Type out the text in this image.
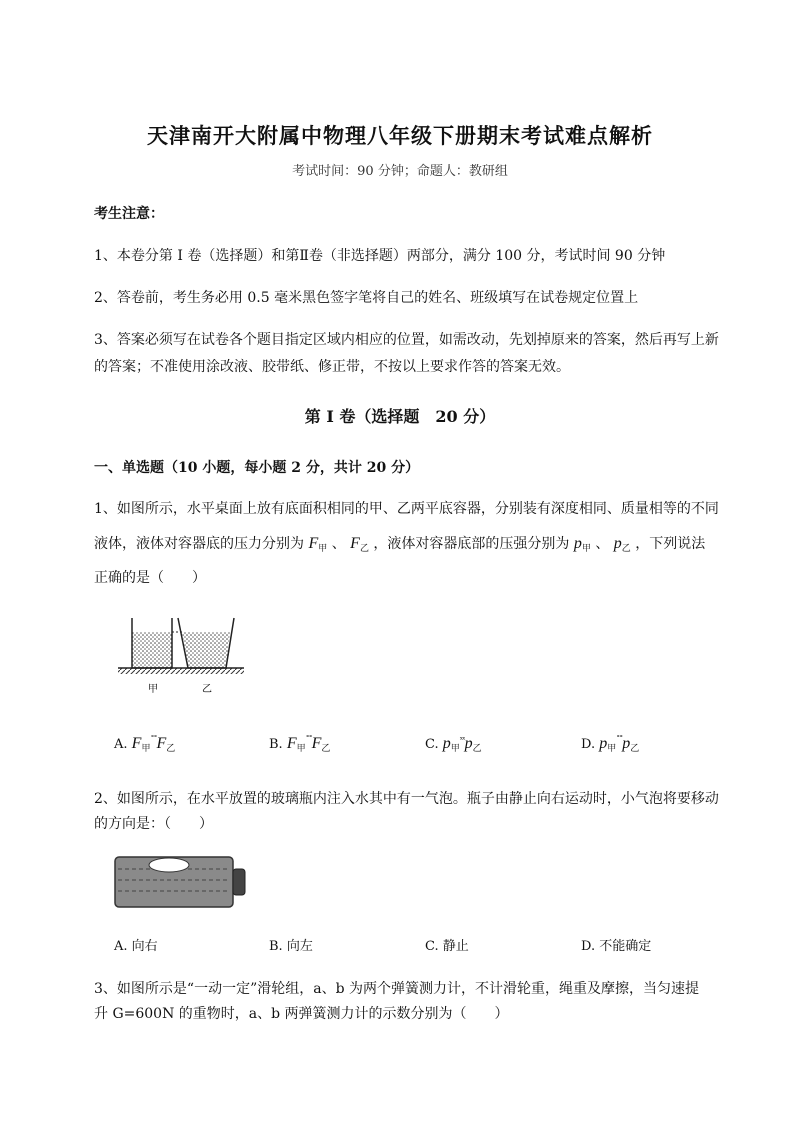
天津南开大附属中物理八年级下册期末考试难点解析
考试时间：90 分钟；命题人：教研组
考生注意：
1、本卷分第 I 卷（选择题）和第Ⅱ卷（非选择题）两部分，满分 100 分，考试时间 90 分钟
2、答卷前，考生务必用 0.5 毫米黑色签字笔将自己的姓名、班级填写在试卷规定位置上
3、答案必须写在试卷各个题目指定区域内相应的位置，如需改动，先划掉原来的答案，然后再写上新
的答案；不准使用涂改液、胶带纸、修正带，不按以上要求作答的答案无效。
第 I 卷（选择题　20 分）
一、单选题（10 小题，每小题 2 分，共计 20 分）
1、如图所示，水平桌面上放有底面积相同的甲、乙两平底容器，分别装有深度相同、质量相等的不同
液体，液体对容器底的压力分别为 $F_甲$ 、 $F_乙$ ，液体对容器底部的压强分别为 $p_甲$ 、 $p_乙$ ，下列说法
正确的是（　　）
甲	乙
A. $F_甲^{˚˚}F_乙$	B. $F_甲^{˚˚}F_乙$	C. $p_甲^{ˣˣ}p_乙$	D. $p_甲^{˚˚}p_乙$
2、如图所示，在水平放置的玻璃瓶内注入水其中有一气泡。瓶子由静止向右运动时，小气泡将要移动
的方向是：（　　）
A. 向右	B. 向左	C. 静止	D. 不能确定
3、如图所示是“一动一定”滑轮组，a、b 为两个弹簧测力计，不计滑轮重，绳重及摩擦，当匀速提
升 G=600N 的重物时，a、b 两弹簧测力计的示数分别为（　　）
